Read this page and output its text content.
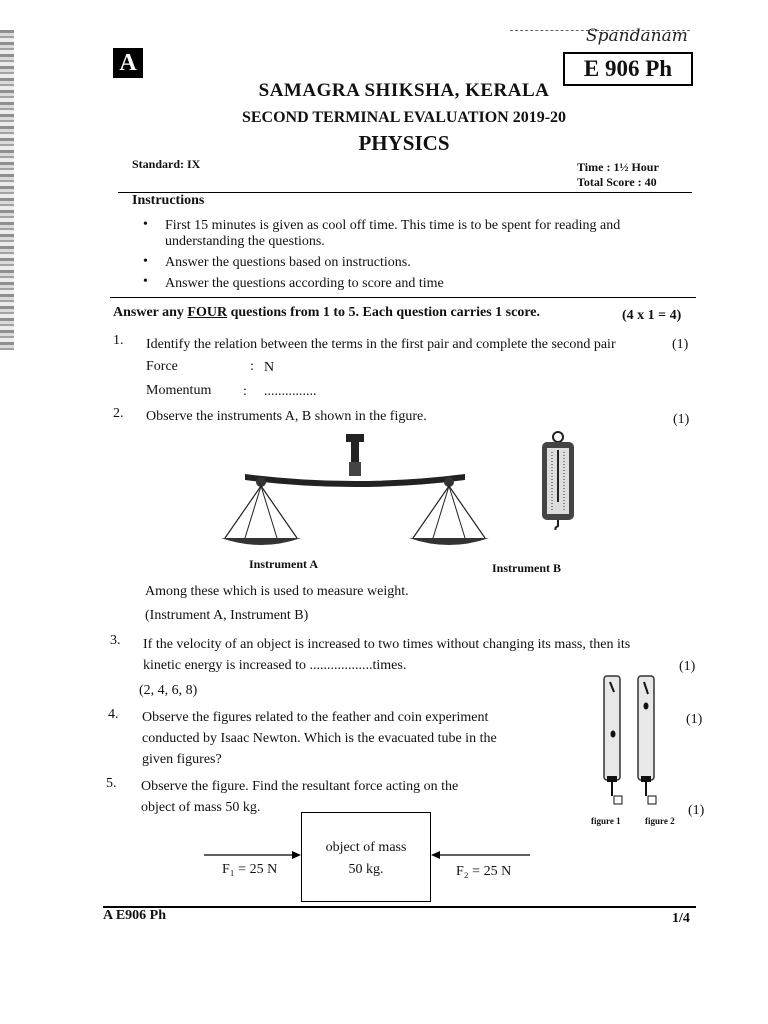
A
Spandanam
E 906 Ph
SAMAGRA SHIKSHA, KERALA
SECOND TERMINAL EVALUATION 2019-20
PHYSICS
Standard: IX	Time : 1½ Hour
Total Score : 40
Instructions
• First 15 minutes is given as cool off time. This time is to be spent for reading and
understanding the questions.
• Answer the questions based on instructions.
• Answer the questions according to score and time
Answer any FOUR questions from 1 to 5. Each question carries 1 score.	(4 x 1 = 4)
1. Identify the relation between the terms in the first pair and complete the second pair	(1)
Force	: N
Momentum : ...............
2. Observe the instruments A, B shown in the figure.	(1)
Instrument A	Instrument B
Among these which is used to measure weight.
(Instrument A, Instrument B)
3. If the velocity of an object is increased to two times without changing its mass, then its
kinetic energy is increased to ..................times.	(1)
(2, 4, 6, 8)
4. Observe the figures related to the feather and coin experiment
conducted by Isaac Newton. Which is the evacuated tube in the
given figures?
(1)
figure 1	figure 2
5. Observe the figure. Find the resultant force acting on the
object of mass 50 kg.	(1)
object of mass
50 kg.
F₁ = 25 N	F₂ = 25 N
A E906 Ph	1/4
